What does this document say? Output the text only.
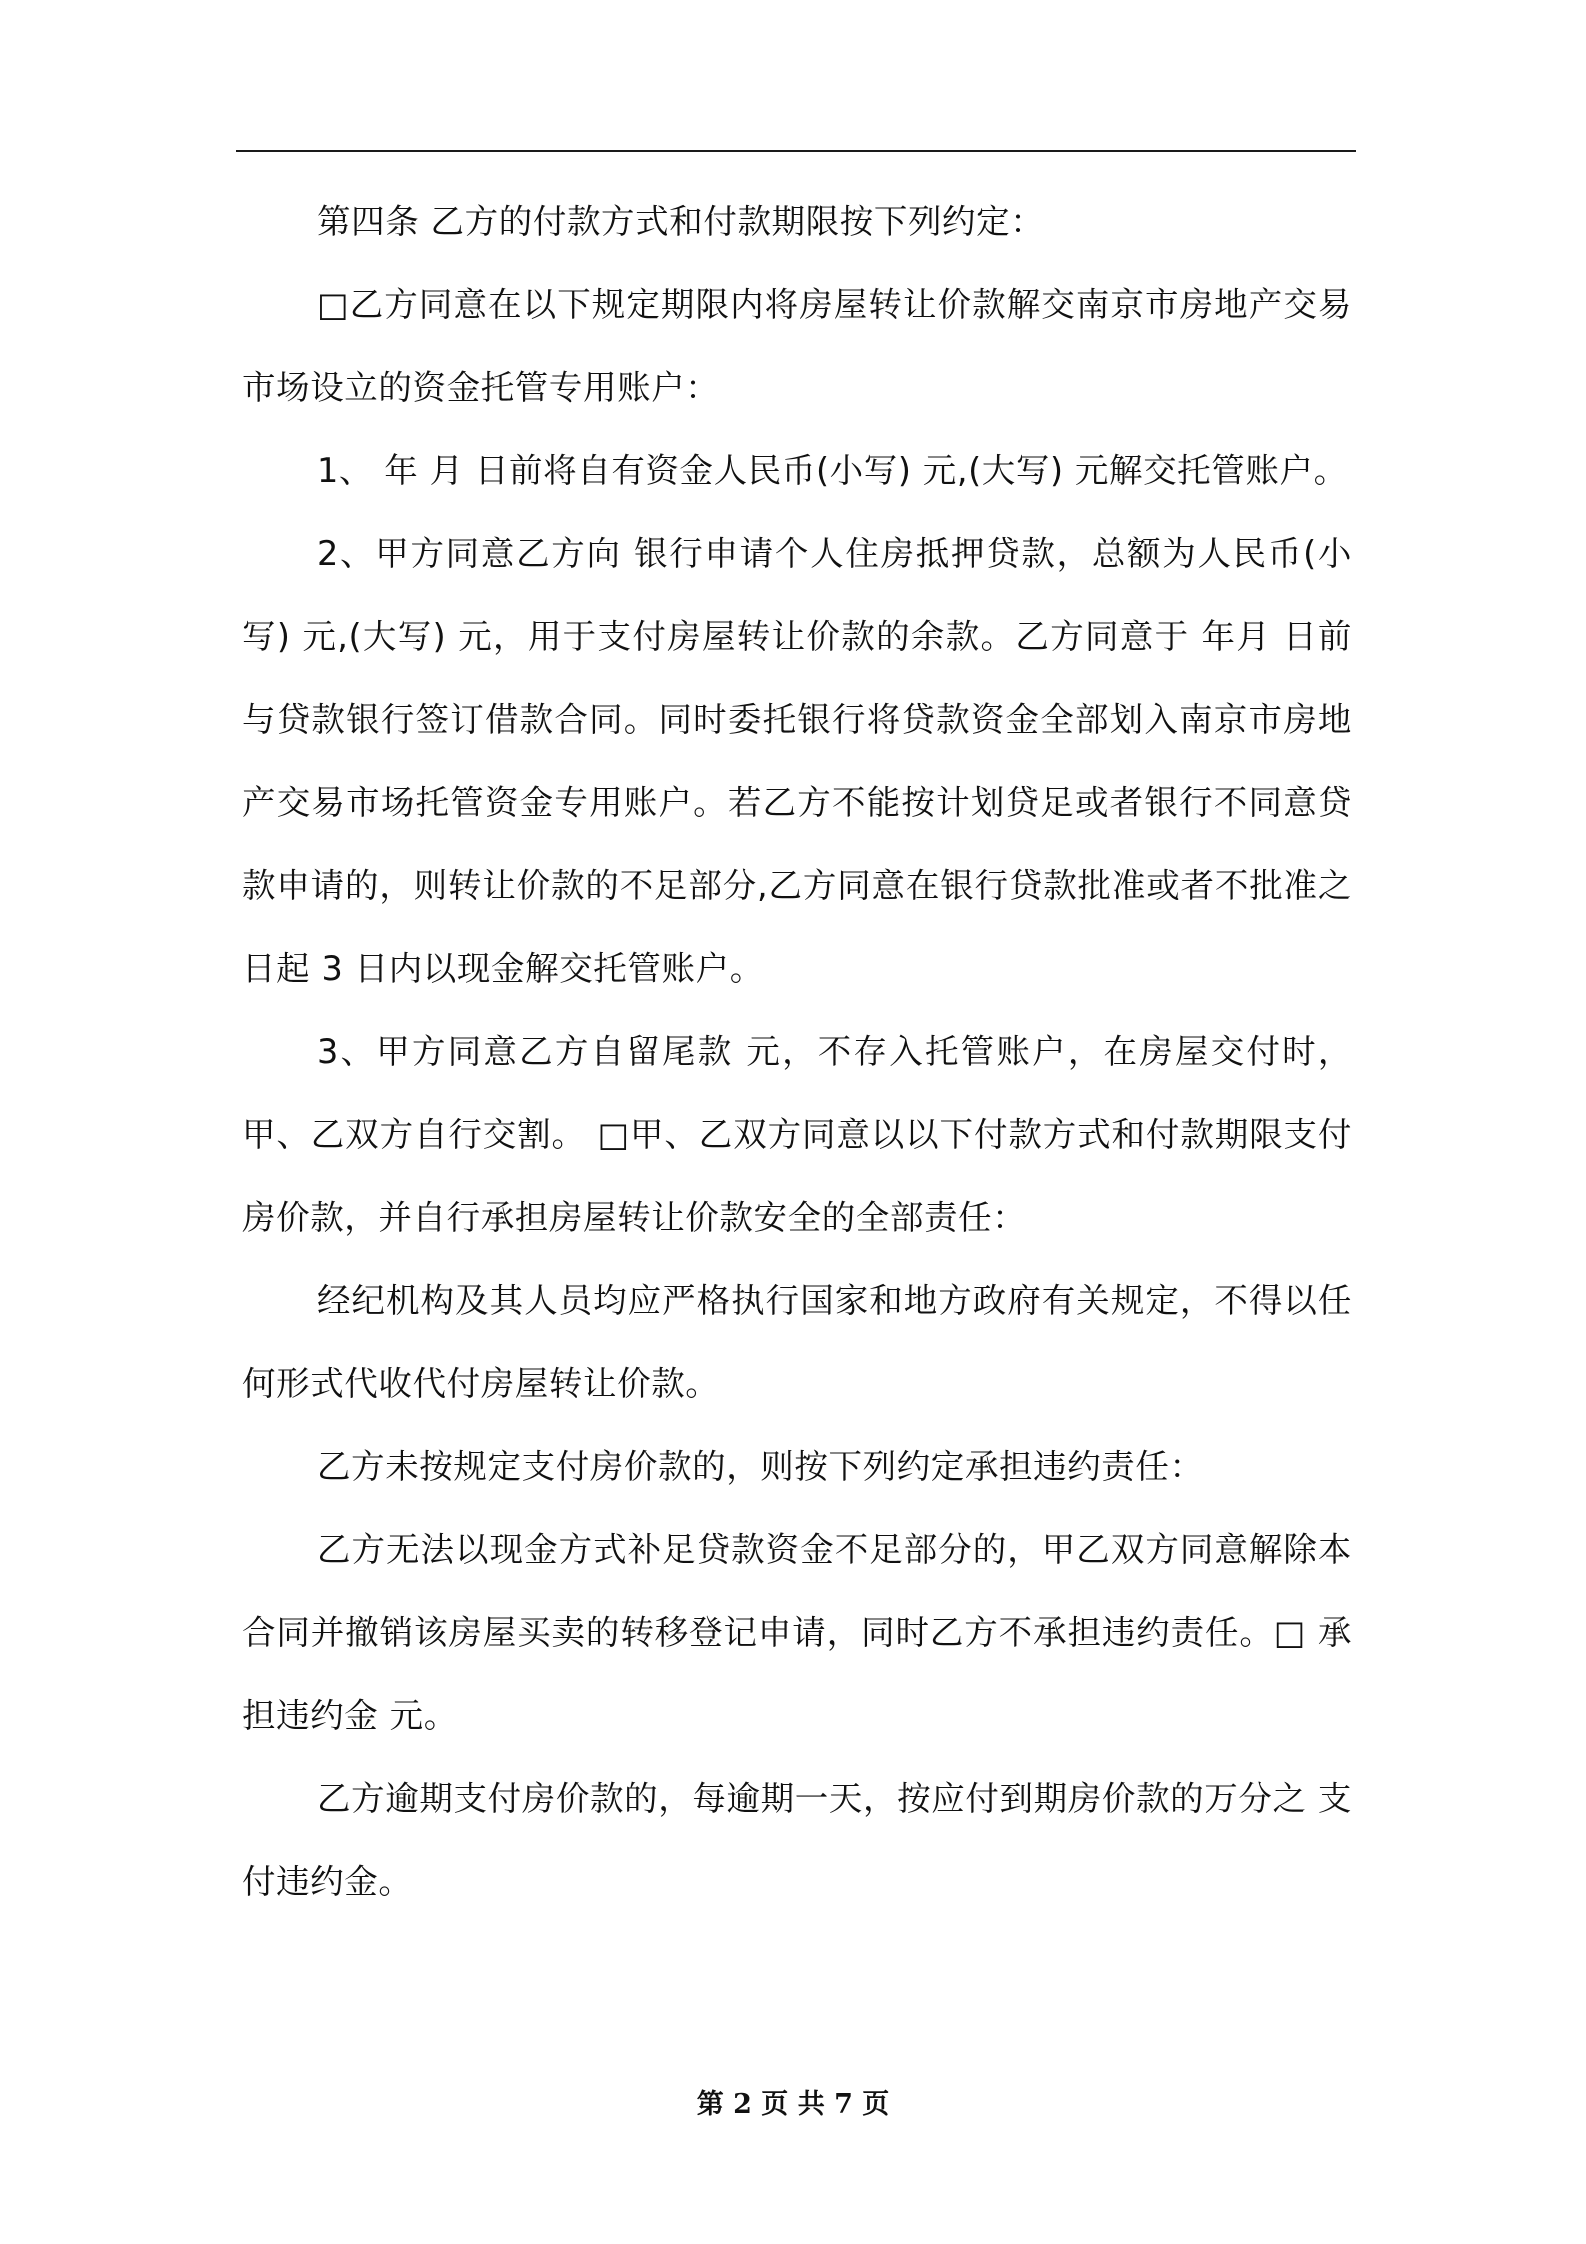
第四条 乙方的付款方式和付款期限按下列约定：

□乙方同意在以下规定期限内将房屋转让价款解交南京市房地产交易市场设立的资金托管专用账户：

1、 年 月 日前将自有资金人民币(小写) 元,(大写) 元解交托管账户。

2、甲方同意乙方向 银行申请个人住房抵押贷款，总额为人民币(小写) 元,(大写) 元，用于支付房屋转让价款的余款。乙方同意于 年月 日前与贷款银行签订借款合同。同时委托银行将贷款资金全部划入南京市房地产交易市场托管资金专用账户。若乙方不能按计划贷足或者银行不同意贷款申请的，则转让价款的不足部分,乙方同意在银行贷款批准或者不批准之日起 3 日内以现金解交托管账户。

3、甲方同意乙方自留尾款 元，不存入托管账户，在房屋交付时，甲、乙双方自行交割。 □甲、乙双方同意以以下付款方式和付款期限支付房价款，并自行承担房屋转让价款安全的全部责任：

经纪机构及其人员均应严格执行国家和地方政府有关规定，不得以任何形式代收代付房屋转让价款。

乙方未按规定支付房价款的，则按下列约定承担违约责任：

乙方无法以现金方式补足贷款资金不足部分的，甲乙双方同意解除本合同并撤销该房屋买卖的转移登记申请，同时乙方不承担违约责任。□ 承担违约金 元。

乙方逾期支付房价款的，每逾期一天，按应付到期房价款的万分之 支付违约金。

第 2 页 共 7 页
